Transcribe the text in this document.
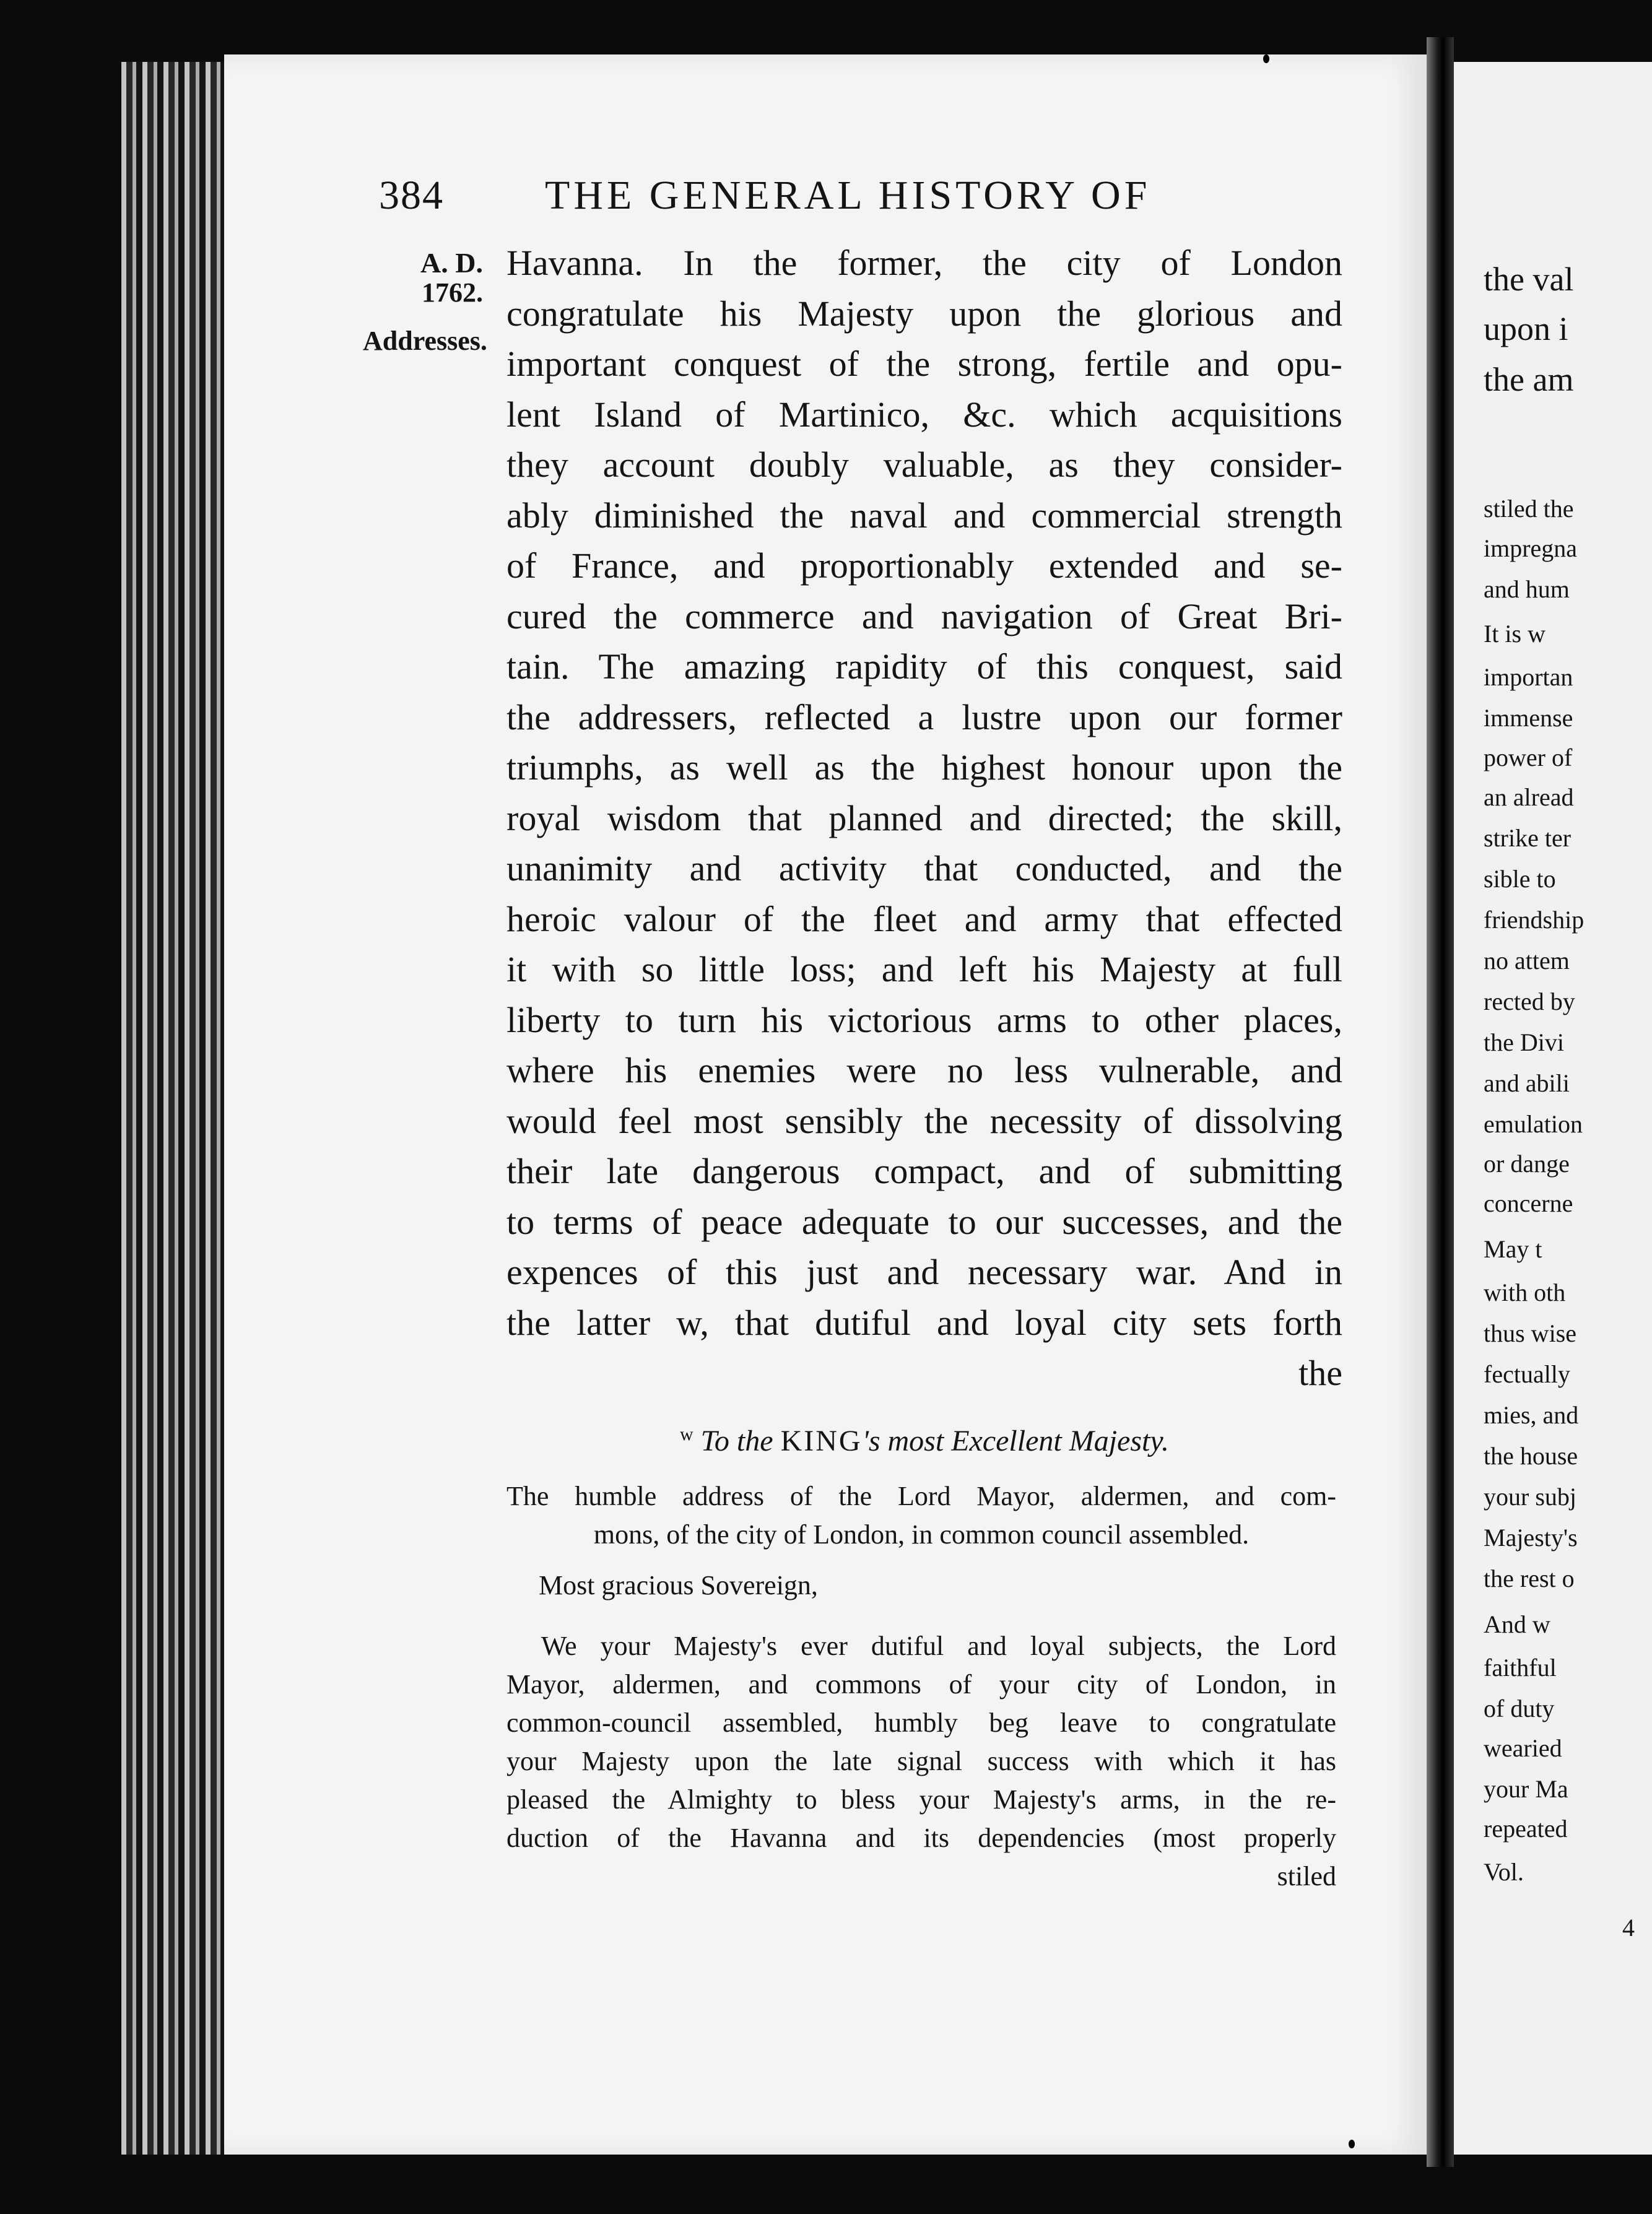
384 THE GENERAL HISTORY OF
A. D.
1762.
Addresses.
Havanna. In the former, the city of London
congratulate his Majesty upon the glorious and
important conquest of the strong, fertile and opu-
lent Island of Martinico, &c. which acquisitions
they account doubly valuable, as they consider-
ably diminished the naval and commercial strength
of France, and proportionably extended and se-
cured the commerce and navigation of Great Bri-
tain. The amazing rapidity of this conquest, said
the addressers, reflected a lustre upon our former
triumphs, as well as the highest honour upon the
royal wisdom that planned and directed; the skill,
unanimity and activity that conducted, and the
heroic valour of the fleet and army that effected
it with so little loss; and left his Majesty at full
liberty to turn his victorious arms to other places,
where his enemies were no less vulnerable, and
would feel most sensibly the necessity of dissolving
their late dangerous compact, and of submitting
to terms of peace adequate to our successes, and the
expences of this just and necessary war. And in
the latter w, that dutiful and loyal city sets forth
the
$^w$ To the KING's most Excellent Majesty.
The humble address of the Lord Mayor, aldermen, and com-
mons, of the city of London, in common council assembled.
Most gracious Sovereign,
We your Majesty's ever dutiful and loyal subjects, the Lord
Mayor, aldermen, and commons of your city of London, in
common-council assembled, humbly beg leave to congratulate
your Majesty upon the late signal success with which it has
pleased the Almighty to bless your Majesty's arms, in the re-
duction of the Havanna and its dependencies (most properly
stiled
the val
upon i
the am
stiled the
impregna
and hum
It is w
importan
immense
power of
an alread
strike ter
sible to
friendship
no attem
rected by
the Divi
and abili
emulation
or dange
concerne
May t
with oth
thus wise
fectually
mies, and
the house
your subj
Majesty's
the rest o
And w
faithful
of duty
wearied
your Ma
repeated
Vol.
4
